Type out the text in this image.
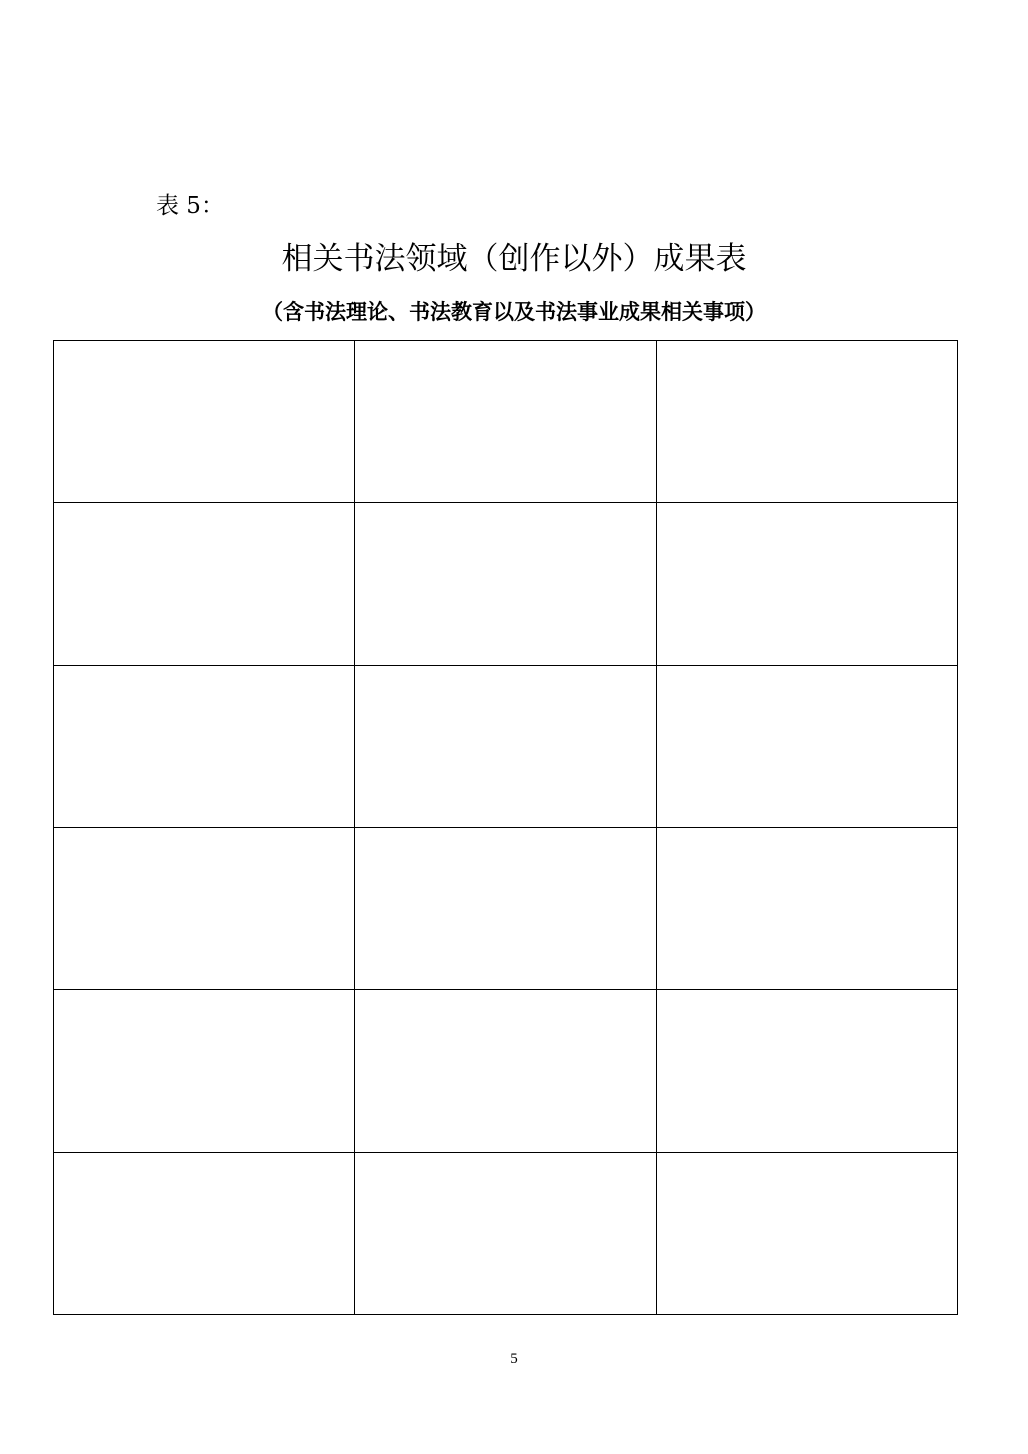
表 5：
相关书法领域（创作以外）成果表
（含书法理论、书法教育以及书法事业成果相关事项）

5
